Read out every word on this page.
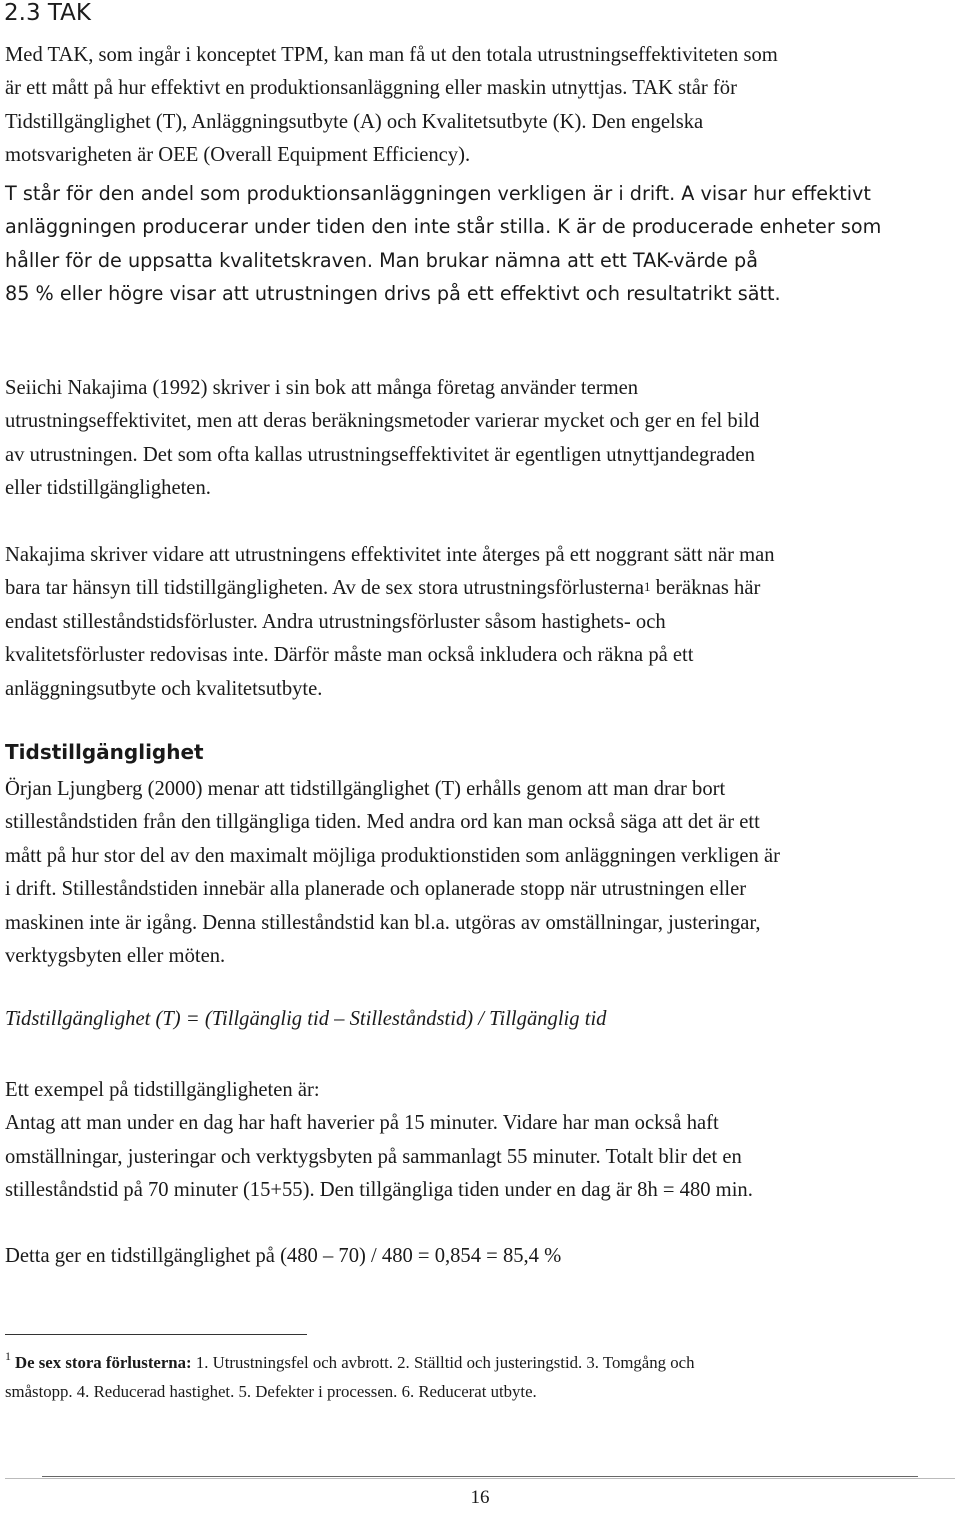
2.3 TAK

Med TAK, som ingår i konceptet TPM, kan man få ut den totala utrustningseffektiviteten som
är ett mått på hur effektivt en produktionsanläggning eller maskin utnyttjas. TAK står för
Tidstillgänglighet (T), Anläggningsutbyte (A) och Kvalitetsutbyte (K). Den engelska
motsvarigheten är OEE (Overall Equipment Efficiency).

T står för den andel som produktionsanläggningen verkligen är i drift. A visar hur effektivt
anläggningen producerar under tiden den inte står stilla. K är de producerade enheter som
håller för de uppsatta kvalitetskraven. Man brukar nämna att ett TAK-värde på
85 % eller högre visar att utrustningen drivs på ett effektivt och resultatrikt sätt.

Seiichi Nakajima (1992) skriver i sin bok att många företag använder termen
utrustningseffektivitet, men att deras beräkningsmetoder varierar mycket och ger en fel bild
av utrustningen. Det som ofta kallas utrustningseffektivitet är egentligen utnyttjandegraden
eller tidstillgängligheten.

Nakajima skriver vidare att utrustningens effektivitet inte återges på ett noggrant sätt när man
bara tar hänsyn till tidstillgängligheten. Av de sex stora utrustningsförlusterna$^1$ beräknas här
endast stilleståndstidsförluster. Andra utrustningsförluster såsom hastighets- och
kvalitetsförluster redovisas inte. Därför måste man också inkludera och räkna på ett
anläggningsutbyte och kvalitetsutbyte.

Tidstillgänglighet

Örjan Ljungberg (2000) menar att tidstillgänglighet (T) erhålls genom att man drar bort
stilleståndstiden från den tillgängliga tiden. Med andra ord kan man också säga att det är ett
mått på hur stor del av den maximalt möjliga produktionstiden som anläggningen verkligen är
i drift. Stilleståndstiden innebär alla planerade och oplanerade stopp när utrustningen eller
maskinen inte är igång. Denna stilleståndstid kan bl.a. utgöras av omställningar, justeringar,
verktygsbyten eller möten.

Tidstillgänglighet (T) = (Tillgänglig tid – Stilleståndstid) / Tillgänglig tid

Ett exempel på tidstillgängligheten är:
Antag att man under en dag har haft haverier på 15 minuter. Vidare har man också haft
omställningar, justeringar och verktygsbyten på sammanlagt 55 minuter. Totalt blir det en
stilleståndstid på 70 minuter (15+55). Den tillgängliga tiden under en dag är 8h = 480 min.

Detta ger en tidstillgänglighet på (480 – 70) / 480 = 0,854 = 85,4 %

$^1$ De sex stora förlusterna: 1. Utrustningsfel och avbrott. 2. Ställtid och justeringstid. 3. Tomgång och
småstopp. 4. Reducerad hastighet. 5. Defekter i processen. 6. Reducerat utbyte.

16
